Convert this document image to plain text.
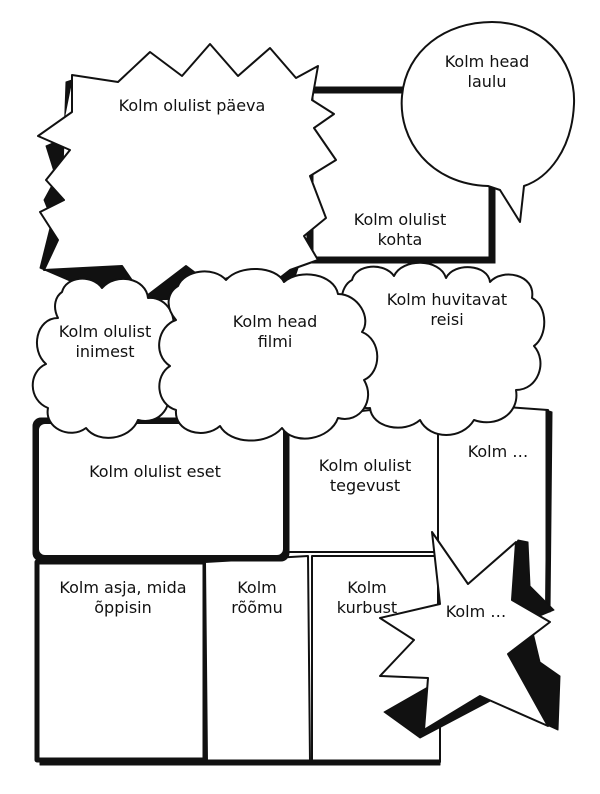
Kolm olulist päeva
Kolm head
laulu
Kolm olulist
kohta
Kolm olulist
inimest
Kolm head
filmi
Kolm huvitavat
reisi
Kolm olulist eset	Kolm olulist
tegevust
Kolm …
Kolm asja, mida
õppisin
Kolm
rõõmu
Kolm
kurbust	Kolm …
